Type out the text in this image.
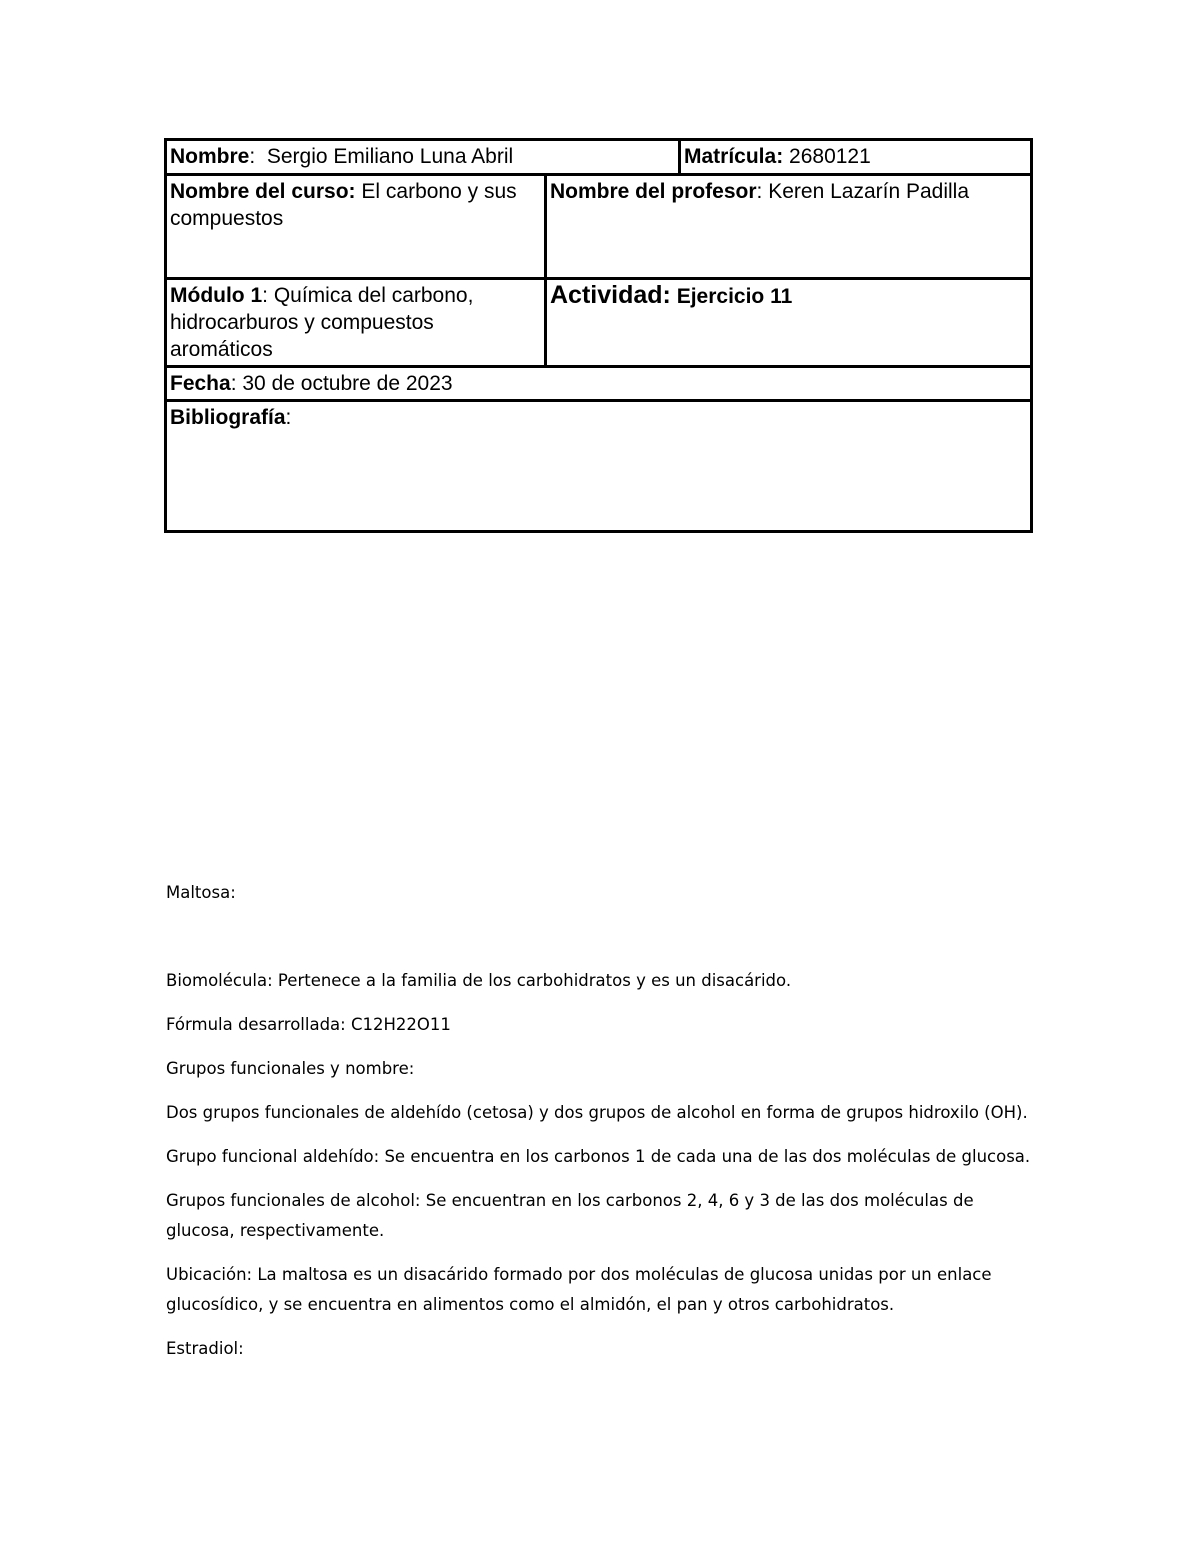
Nombre:  Sergio Emiliano Luna Abril		Matrícula: 2680121
Nombre del curso: El carbono y sus compuestos	Nombre del profesor: Keren Lazarín Padilla	
Módulo 1: Química del carbono, hidrocarburos y compuestos aromáticos	Actividad: Ejercicio 11	
Fecha: 30 de octubre de 2023		
Bibliografía:		

Maltosa:

Biomolécula: Pertenece a la familia de los carbohidratos y es un disacárido.

Fórmula desarrollada: C12H22O11

Grupos funcionales y nombre:

Dos grupos funcionales de aldehído (cetosa) y dos grupos de alcohol en forma de grupos hidroxilo (OH).

Grupo funcional aldehído: Se encuentra en los carbonos 1 de cada una de las dos moléculas de glucosa.

Grupos funcionales de alcohol: Se encuentran en los carbonos 2, 4, 6 y 3 de las dos moléculas de glucosa, respectivamente.

Ubicación: La maltosa es un disacárido formado por dos moléculas de glucosa unidas por un enlace glucosídico, y se encuentra en alimentos como el almidón, el pan y otros carbohidratos.

Estradiol:
